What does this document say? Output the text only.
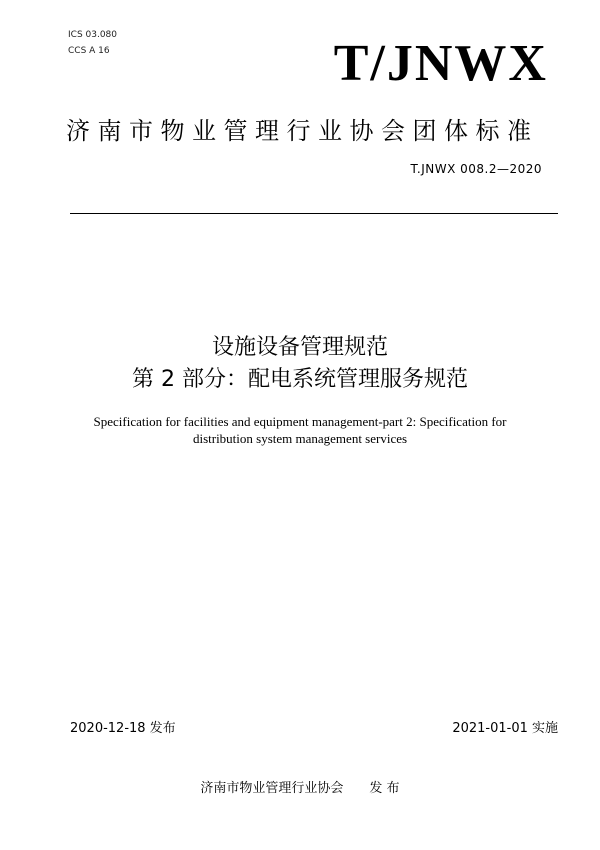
ICS 03.080
CCS A 16	T/JNWX
济南市物业管理行业协会团体标准
T.JNWX 008.2—2020
设施设备管理规范
第 2 部分：配电系统管理服务规范
Specification for facilities and equipment management-part 2: Specification for
distribution system management services
2020-12-18 发布	2021-01-01 实施
济南市物业管理行业协会　　发 布
